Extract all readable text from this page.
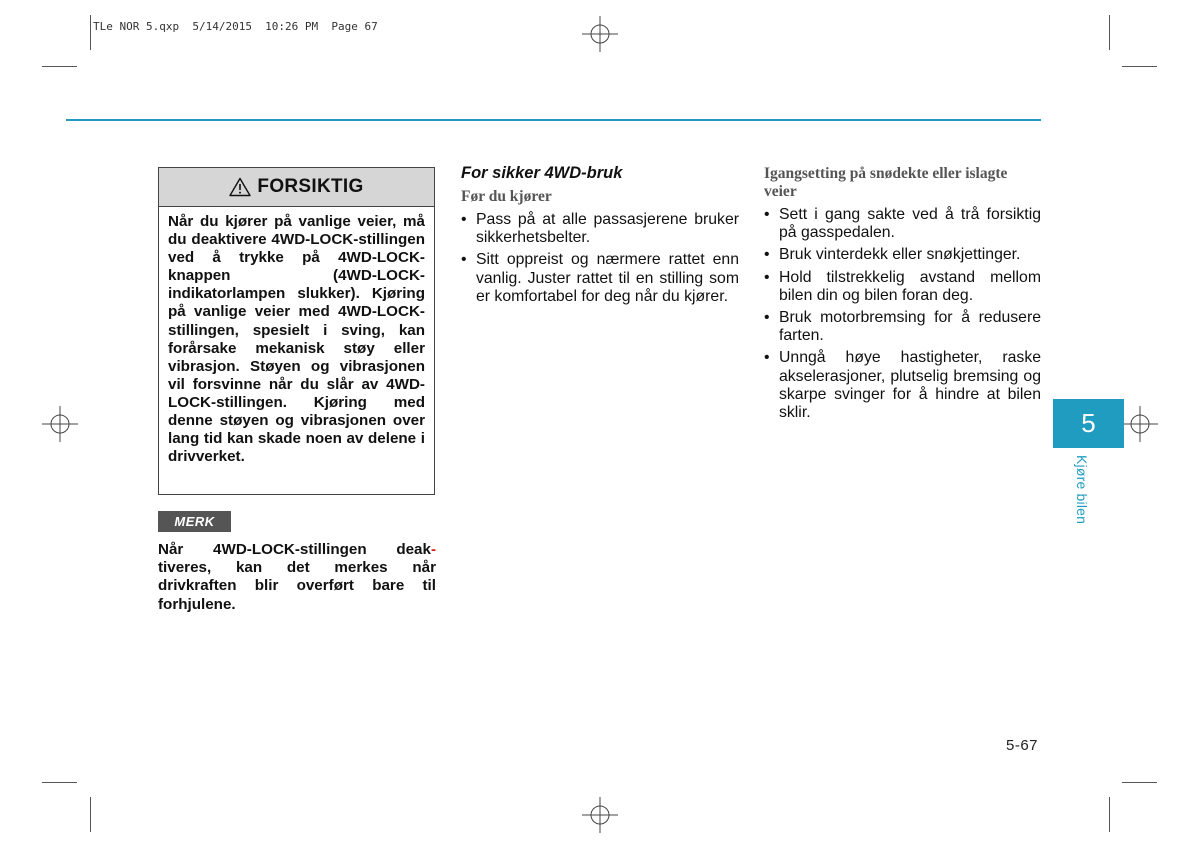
TLe NOR 5.qxp  5/14/2015  10:26 PM  Page 67
FORSIKTIG
Når du kjører på vanlige veier, må du deaktivere 4WD-LOCK-stillingen ved å trykke på 4WD-LOCK-knappen (4WD-LOCK-indikatorlampen slukker). Kjøring på vanlige veier med 4WD-LOCK-stillingen, spesielt i sving, kan forårsake mekanisk støy eller vibrasjon. Støyen og vibrasjonen vil forsvinne når du slår av 4WD-LOCK-stillingen. Kjøring med denne støyen og vibrasjonen over lang tid kan skade noen av delene i drivverket.
MERK
Når 4WD-LOCK-stillingen deak-tiveres, kan det merkes når drivkraften blir overført bare til forhjulene.
For sikker 4WD-bruk
Før du kjører
• Pass på at alle passasjerene bruker sikkerhetsbelter.
• Sitt oppreist og nærmere rattet enn vanlig. Juster rattet til en stilling som er komfortabel for deg når du kjører.
Igangsetting på snødekte eller islagte veier
• Sett i gang sakte ved å trå forsiktig på gasspedalen.
• Bruk vinterdekk eller snøkjettinger.
• Hold tilstrekkelig avstand mellom bilen din og bilen foran deg.
• Bruk motorbremsing for å redusere farten.
• Unngå høye hastigheter, raske akselerasjoner, plutselig bremsing og skarpe svinger for å hindre at bilen sklir.	5
Kjøre bilen
5-67
